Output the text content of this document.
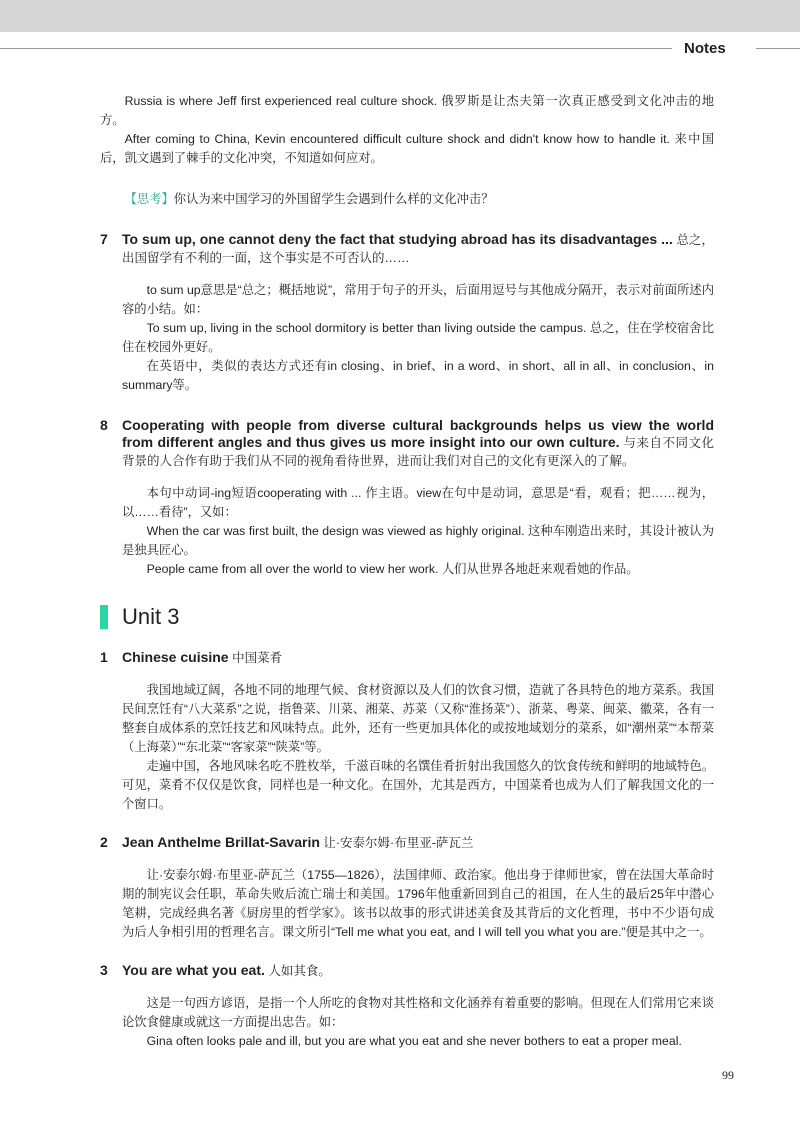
Notes

Russia is where Jeff first experienced real culture shock. 俄罗斯是让杰夫第一次真正感受到文化冲击的地方。

After coming to China, Kevin encountered difficult culture shock and didn't know how to handle it. 来中国后，凯文遇到了棘手的文化冲突，不知道如何应对。

【思考】你认为来中国学习的外国留学生会遇到什么样的文化冲击？

7 To sum up, one cannot deny the fact that studying abroad has its disadvantages ... 总之，出国留学有不利的一面，这个事实是不可否认的……

to sum up意思是“总之；概括地说”，常用于句子的开头，后面用逗号与其他成分隔开，表示对前面所述内容的小结。如：

To sum up, living in the school dormitory is better than living outside the campus. 总之，住在学校宿舍比住在校园外更好。

在英语中，类似的表达方式还有in closing、in brief、in a word、in short、all in all、in conclusion、in summary等。

8 Cooperating with people from diverse cultural backgrounds helps us view the world from different angles and thus gives us more insight into our own culture. 与来自不同文化背景的人合作有助于我们从不同的视角看待世界，进而让我们对自己的文化有更深入的了解。

本句中动词-ing短语cooperating with ... 作主语。view在句中是动词，意思是“看，观看；把……视为，以……看待”，又如：

When the car was first built, the design was viewed as highly original. 这种车刚造出来时，其设计被认为是独具匠心。

People came from all over the world to view her work. 人们从世界各地赶来观看她的作品。

Unit 3
1 Chinese cuisine 中国菜肴

我国地域辽阔，各地不同的地理气候、食材资源以及人们的饮食习惯，造就了各具特色的地方菜系。我国民间烹饪有“八大菜系”之说，指鲁菜、川菜、湘菜、苏菜（又称“淮扬菜”）、浙菜、粤菜、闽菜、徽菜，各有一整套自成体系的烹饪技艺和风味特点。此外，还有一些更加具体化的或按地域划分的菜系，如“潮州菜”“本帮菜（上海菜）”“东北菜”“客家菜”“陕菜”等。

走遍中国，各地风味名吃不胜枚举，千滋百味的名馔佳肴折射出我国悠久的饮食传统和鲜明的地域特色。可见，菜肴不仅仅是饮食，同样也是一种文化。在国外，尤其是西方，中国菜肴也成为人们了解我国文化的一个窗口。

2 Jean Anthelme Brillat-Savarin 让·安泰尔姆·布里亚-萨瓦兰

让·安泰尔姆·布里亚-萨瓦兰（1755—1826），法国律师、政治家。他出身于律师世家，曾在法国大革命时期的制宪议会任职，革命失败后流亡瑞士和美国。1796年他重新回到自己的祖国，在人生的最后25年中潜心笔耕，完成经典名著《厨房里的哲学家》。该书以故事的形式讲述美食及其背后的文化哲理，书中不少语句成为后人争相引用的哲理名言。课文所引“Tell me what you eat, and I will tell you what you are.”便是其中之一。

3 You are what you eat. 人如其食。

这是一句西方谚语，是指一个人所吃的食物对其性格和文化涵养有着重要的影响。但现在人们常用它来谈论饮食健康或就这一方面提出忠告。如：

Gina often looks pale and ill, but you are what you eat and she never bothers to eat a proper meal.

99
